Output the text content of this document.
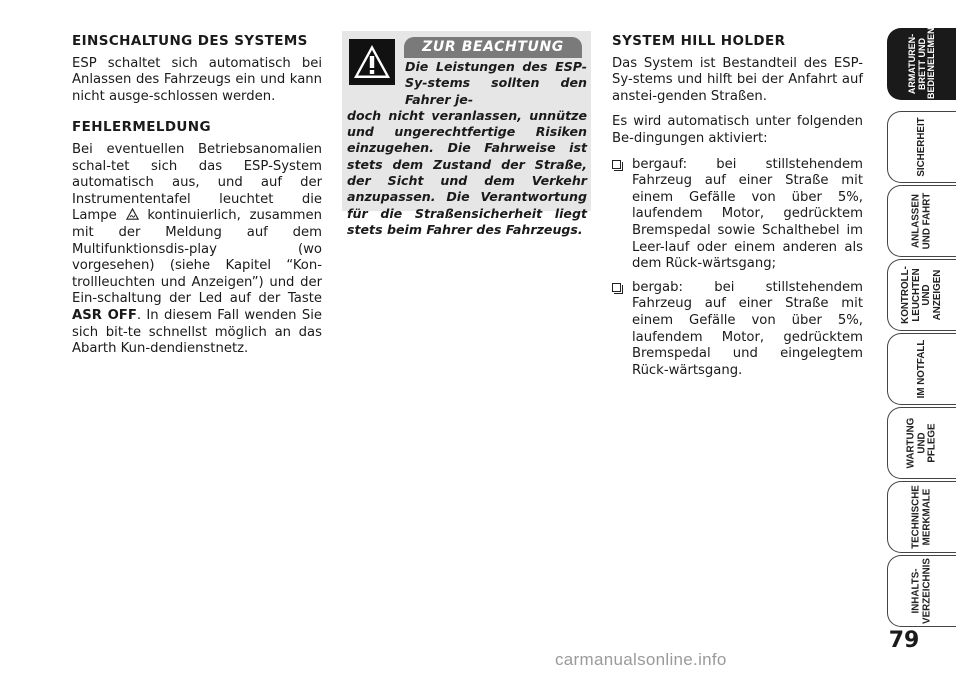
EINSCHALTUNG DES SYSTEMS

ESP schaltet sich automatisch bei Anlassen des Fahrzeugs ein und kann nicht ausge-schlossen werden.

FEHLERMELDUNG

Bei eventuellen Betriebsanomalien schal-tet sich das ESP-System automatisch aus, und auf der Instrumententafel leuchtet die Lampe kontinuierlich, zusammen mit der Meldung auf dem Multifunktionsdis-play (wo vorgesehen) (siehe Kapitel “Kon-trollleuchten und Anzeigen”) und der Ein-schaltung der Led auf der Taste ASR OFF. In diesem Fall wenden Sie sich bit-te schnellst möglich an das Abarth Kun-dendienstnetz.

ZUR BEACHTUNG
Die Leistungen des ESP-Sy-stems sollten den Fahrer je-
doch nicht veranlassen, unnütze und ungerechtfertige Risiken einzugehen. Die Fahrweise ist stets dem Zustand der Straße, der Sicht und dem Verkehr anzupassen. Die Verantwortung für die Straßensicherheit liegt stets beim Fahrer des Fahrzeugs.
SYSTEM HILL HOLDER

Das System ist Bestandteil des ESP-Sy-stems und hilft bei der Anfahrt auf anstei-genden Straßen.

Es wird automatisch unter folgenden Be-dingungen aktiviert:

bergauf: bei stillstehendem Fahrzeug auf einer Straße mit einem Gefälle von über 5%, laufendem Motor, gedrücktem Bremspedal sowie Schalthebel im Leer-lauf oder einem anderen als dem Rück-wärtsgang;
bergab: bei stillstehendem Fahrzeug auf einer Straße mit einem Gefälle von über 5%, laufendem Motor, gedrücktem Bremspedal und eingelegtem Rück-wärtsgang.
ARMATUREN-
BRETT UND
BEDIENELEMENTE
SICHERHEIT
ANLASSEN
UND FAHRT
KONTROLL-
LEUCHTEN UND
ANZEIGEN
IM NOTFALL
WARTUNG UND
PFLEGE
TECHNISCHE
MERKMALE
INHALTS-
VERZEICHNIS
79
carmanualsonline.info
